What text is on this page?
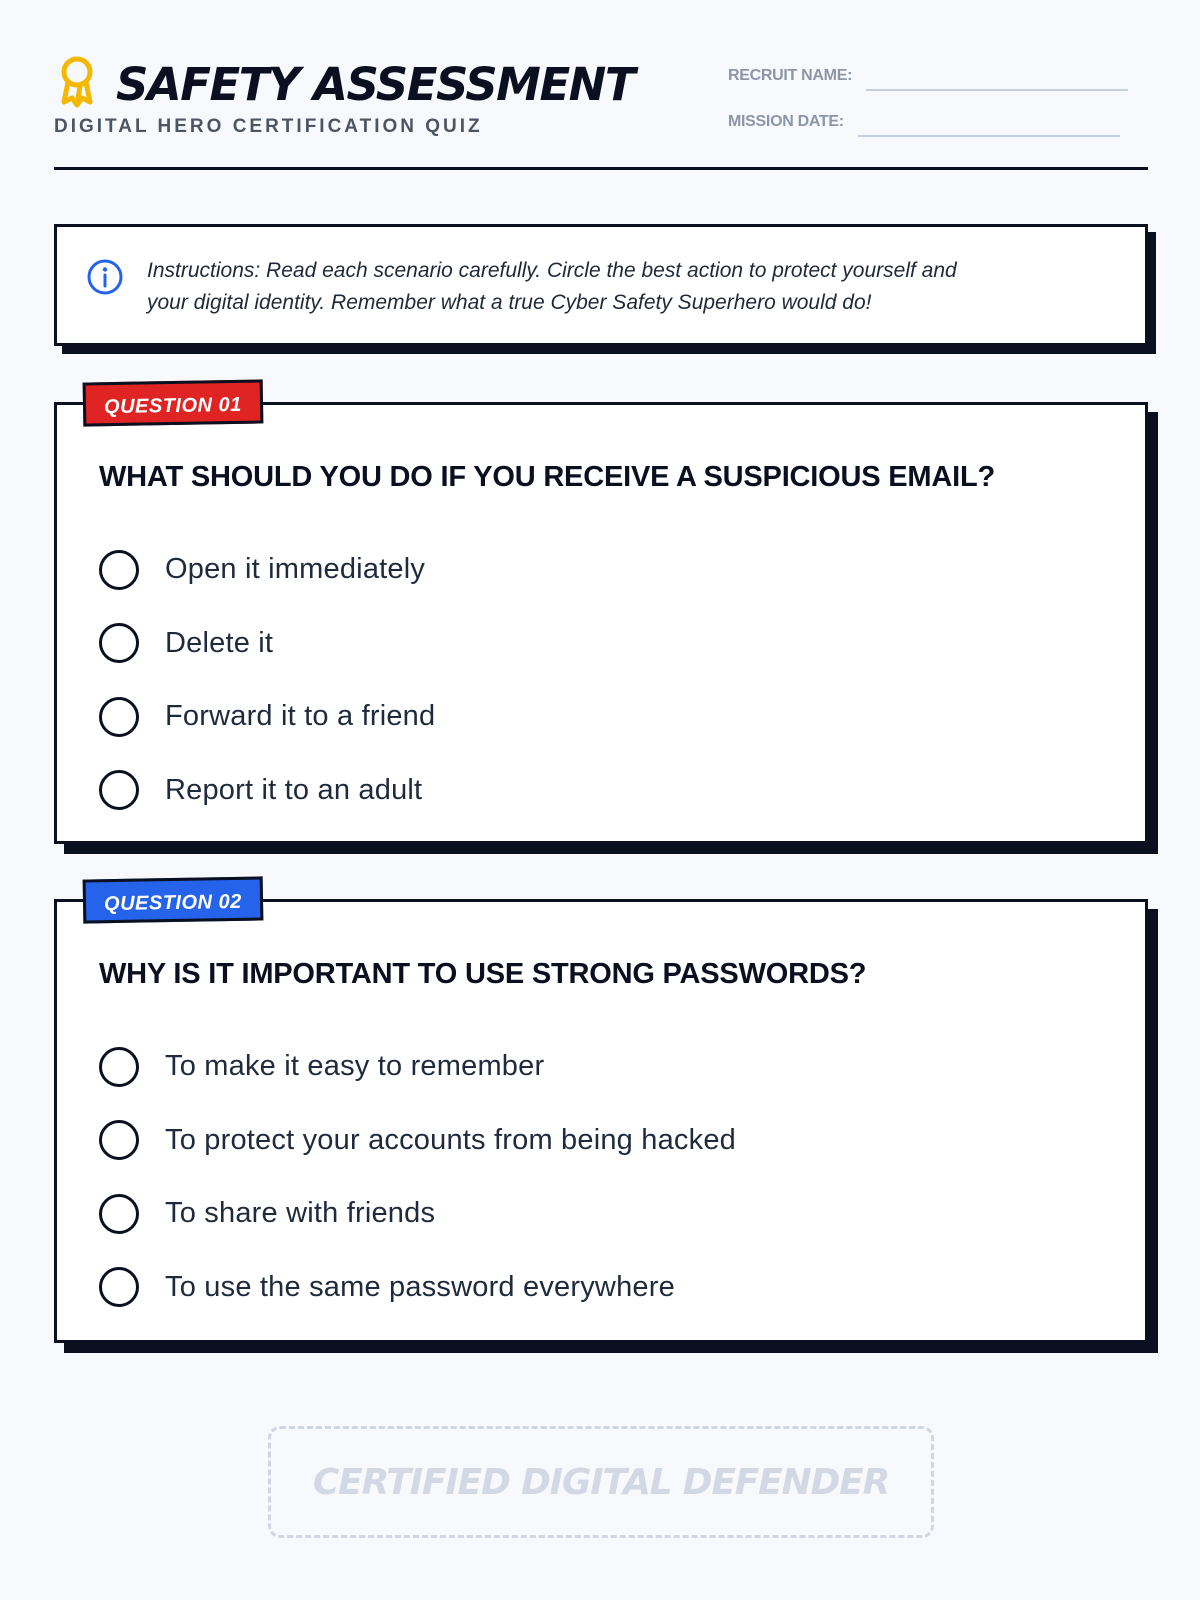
SAFETY ASSESSMENT
DIGITAL HERO CERTIFICATION QUIZ
RECRUIT NAME:
MISSION DATE:

Instructions: Read each scenario carefully. Circle the best action to protect yourself and
your digital identity. Remember what a true Cyber Safety Superhero would do!

QUESTION 01
WHAT SHOULD YOU DO IF YOU RECEIVE A SUSPICIOUS EMAIL?
Open it immediately
Delete it
Forward it to a friend
Report it to an adult
QUESTION 02
WHY IS IT IMPORTANT TO USE STRONG PASSWORDS?
To make it easy to remember
To protect your accounts from being hacked
To share with friends
To use the same password everywhere
CERTIFIED DIGITAL DEFENDER
